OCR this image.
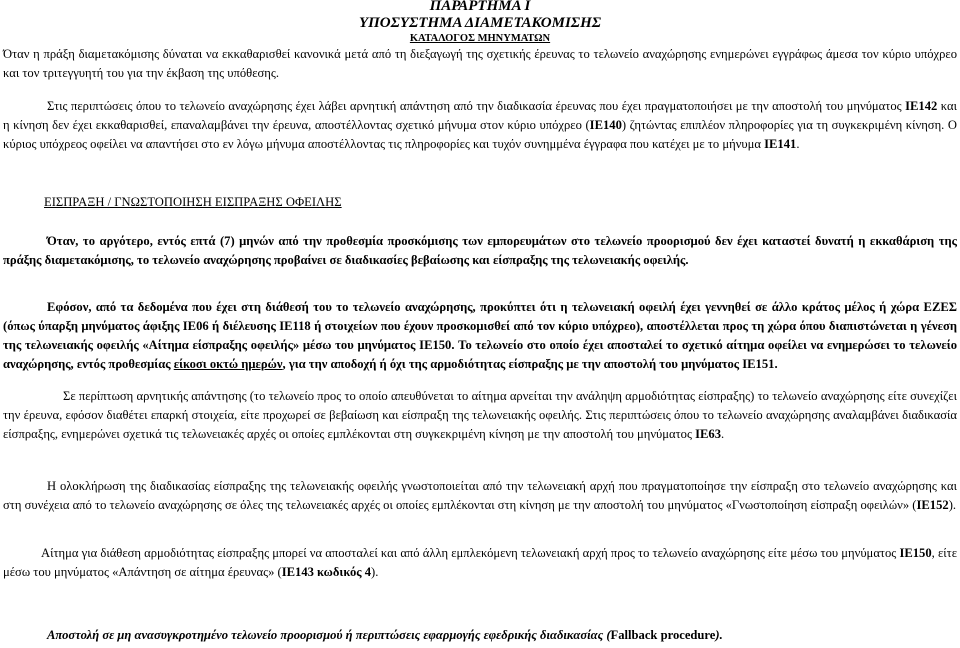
ΠΑΡΑΡΤΗΜΑ Ι
ΥΠΟΣΥΣΤΗΜΑ ΔΙΑΜΕΤΑΚΟΜΙΣΗΣ
ΚΑΤΑΛΟΓΟΣ ΜΗΝΥΜΑΤΩΝ

Όταν η πράξη διαμετακόμισης δύναται να εκκαθαρισθεί κανονικά μετά από τη διεξαγωγή της σχετικής έρευνας το τελωνείο αναχώρησης ενημερώνει εγγράφως άμεσα τον κύριο υπόχρεο και τον τριτεγγυητή του για την έκβαση της υπόθεσης.

Στις περιπτώσεις όπου το τελωνείο αναχώρησης έχει λάβει αρνητική απάντηση από την διαδικασία έρευνας που έχει πραγματοποιήσει με την αποστολή του μηνύματος IE142 και η κίνηση δεν έχει εκκαθαρισθεί, επαναλαμβάνει την έρευνα, αποστέλλοντας σχετικό μήνυμα στον κύριο υπόχρεο (IE140) ζητώντας επιπλέον πληροφορίες για τη συγκεκριμένη κίνηση. Ο κύριος υπόχρεος οφείλει να απαντήσει στο εν λόγω μήνυμα αποστέλλοντας τις πληροφορίες και τυχόν συνημμένα έγγραφα που κατέχει με το μήνυμα IE141.

ΕΙΣΠΡΑΞΗ / ΓΝΩΣΤΟΠΟΙΗΣΗ ΕΙΣΠΡΑΞΗΣ ΟΦΕΙΛΗΣ

Όταν, το αργότερο, εντός επτά (7) μηνών από την προθεσμία προσκόμισης των εμπορευμάτων στο τελωνείο προορισμού δεν έχει καταστεί δυνατή η εκκαθάριση της πράξης διαμετακόμισης, το τελωνείο αναχώρησης προβαίνει σε διαδικασίες βεβαίωσης και είσπραξης της τελωνειακής οφειλής.

Εφόσον, από τα δεδομένα που έχει στη διάθεσή του το τελωνείο αναχώρησης, προκύπτει ότι η τελωνειακή οφειλή έχει γεννηθεί σε άλλο κράτος μέλος ή χώρα ΕΖΕΣ (όπως ύπαρξη μηνύματος άφιξης ΙΕ06 ή διέλευσης ΙΕ118 ή στοιχείων που έχουν προσκομισθεί από τον κύριο υπόχρεο), αποστέλλεται προς τη χώρα όπου διαπιστώνεται η γένεση της τελωνειακής οφειλής «Αίτημα είσπραξης οφειλής» μέσω του μηνύματος IE150. Το τελωνείο στο οποίο έχει αποσταλεί το σχετικό αίτημα οφείλει να ενημερώσει το τελωνείο αναχώρησης, εντός προθεσμίας είκοσι οκτώ ημερών, για την αποδοχή ή όχι της αρμοδιότητας είσπραξης με την αποστολή του μηνύματος IE151.

Σε περίπτωση αρνητικής απάντησης (το τελωνείο προς το οποίο απευθύνεται το αίτημα αρνείται την ανάληψη αρμοδιότητας είσπραξης) το τελωνείο αναχώρησης είτε συνεχίζει την έρευνα, εφόσον διαθέτει επαρκή στοιχεία, είτε προχωρεί σε βεβαίωση και είσπραξη της τελωνειακής οφειλής. Στις περιπτώσεις όπου το τελωνείο αναχώρησης αναλαμβάνει διαδικασία είσπραξης, ενημερώνει σχετικά τις τελωνειακές αρχές οι οποίες εμπλέκονται στη συγκεκριμένη κίνηση με την αποστολή του μηνύματος IE63.

Η ολοκλήρωση της διαδικασίας είσπραξης της τελωνειακής οφειλής γνωστοποιείται από την τελωνειακή αρχή που πραγματοποίησε την είσπραξη στο τελωνείο αναχώρησης και στη συνέχεια από το τελωνείο αναχώρησης σε όλες της τελωνειακές αρχές οι οποίες εμπλέκονται στη κίνηση με την αποστολή του μηνύματος «Γνωστοποίηση είσπραξη οφειλών» (IE152).

Αίτημα για διάθεση αρμοδιότητας είσπραξης μπορεί να αποσταλεί και από άλλη εμπλεκόμενη τελωνειακή αρχή προς το τελωνείο αναχώρησης είτε μέσω του μηνύματος IE150, είτε μέσω του μηνύματος «Απάντηση σε αίτημα έρευνας» (IE143 κωδικός 4).

Αποστολή σε μη ανασυγκροτημένο τελωνείο προορισμού ή περιπτώσεις εφαρμογής εφεδρικής διαδικασίας (Fallback procedure).
